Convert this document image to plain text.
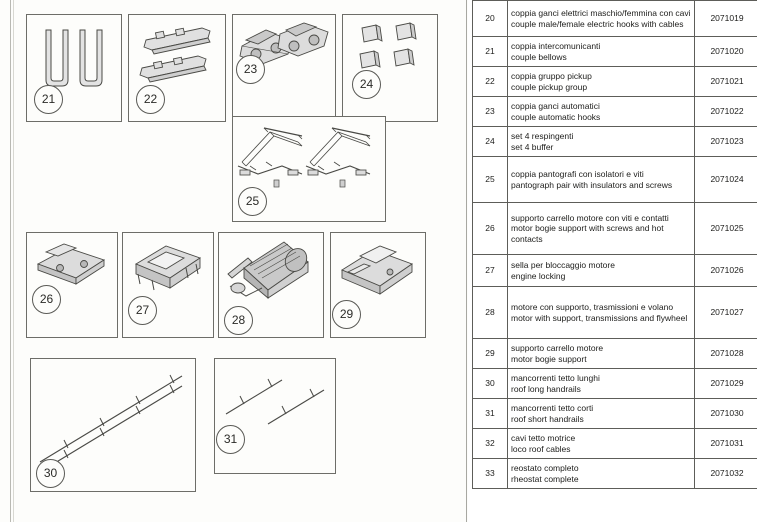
21	22
23
24
25
26
27
28	29
30
31
20	coppia ganci elettrici maschio/femmina con cavi
couple male/female electric hooks with cables	2071019
21	coppia intercomunicanti
couple bellows	2071020
22	coppia gruppo pickup
couple pickup group	2071021
23	coppia ganci automatici
couple automatic hooks	2071022
24	set 4 respingenti
set 4 buffer	2071023
25	coppia pantografi con isolatori e viti
pantograph pair with insulators and screws	2071024
26	supporto carrello motore con viti e contatti
motor bogie support with screws and hot contacts	2071025
27	sella per bloccaggio motore
engine locking	2071026
28	motore con supporto, trasmissioni e volano
motor with support, transmissions and flywheel	2071027
29	supporto carrello motore
motor bogie support	2071028
30	mancorrenti tetto lunghi
roof long handrails	2071029
31	mancorrenti tetto corti
roof short handrails	2071030
32	cavi tetto motrice
loco roof cables	2071031
33	reostato completo
rheostat complete	2071032
